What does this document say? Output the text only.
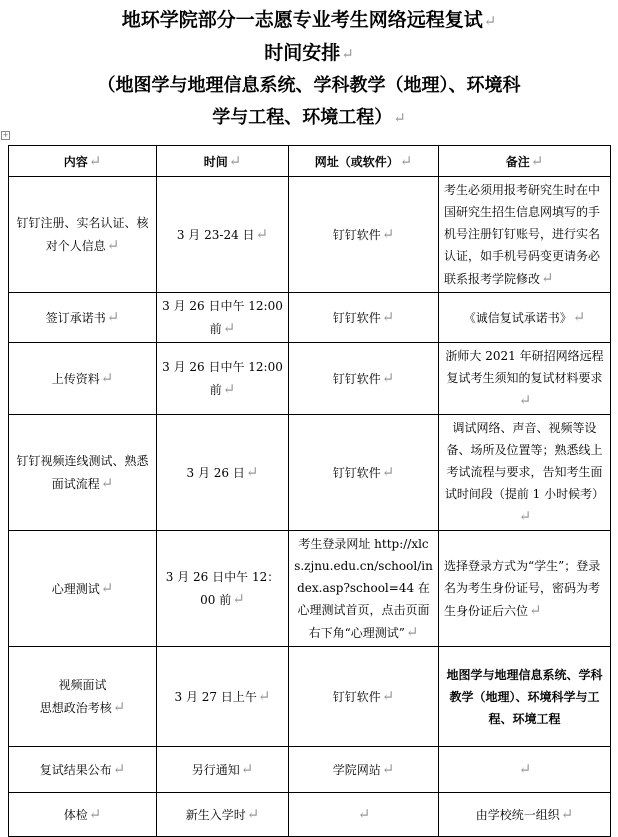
地环学院部分一志愿专业考生网络远程复试↵
时间安排↵
（地图学与地理信息系统、学科教学（地理）、环境科
学与工程、环境工程）↵
+
内容↵	时间↵	网址（或软件）↵	备注↵
钉钉注册、实名认证、核对个人信息↵	3 月 23-24 日↵	钉钉软件↵	考生必须用报考研究生时在中国研究生招生信息网填写的手机号注册钉钉账号，进行实名认证，如手机号码变更请务必联系报考学院修改↵
签订承诺书↵	3 月 26 日中午 12:00 前↵	钉钉软件↵	《诚信复试承诺书》↵
上传资料↵	3 月 26 日中午 12:00 前↵	钉钉软件↵	浙师大 2021 年研招网络远程复试考生须知的复试材料要求↵
钉钉视频连线测试、熟悉面试流程↵	3 月 26 日↵	钉钉软件↵	调试网络、声音、视频等设备、场所及位置等；熟悉线上考试流程与要求，告知考生面试时间段（提前 1 小时候考）↵
心理测试↵	3 月 26 日中午 12：00 前↵	考生登录网址 http://xlcs.zjnu.edu.cn/school/index.asp?school=44 在心理测试首页，点击页面右下角“心理测试”↵	选择登录方式为“学生”；登录名为考生身份证号，密码为考生身份证后六位↵

视频面试
思想政治考核↵	3 月 27 日上午↵	钉钉软件↵	地图学与地理信息系统、学科教学（地理）、环境科学与工程、环境工程
复试结果公布↵	另行通知↵	学院网站↵	↵
体检↵	新生入学时↵	↵	由学校统一组织↵
